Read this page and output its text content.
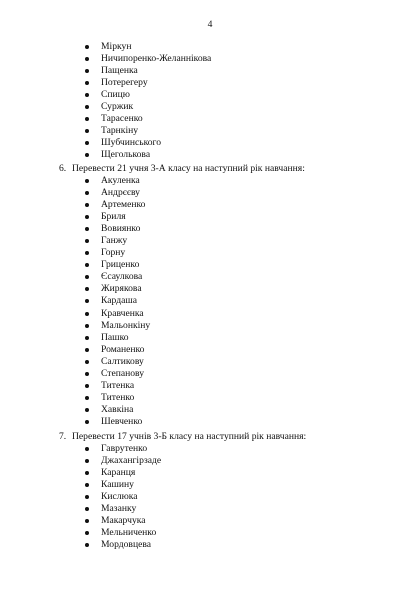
4
Міркун
Ничипоренко-Желаннікова
Пащенка
Потерегеру
Спицю
Суржик
Тарасенко
Тарнкіну
Шубчинського
Щеголькова
6. Перевести 21 учня 3-А класу на наступний рік навчання:
Акуленка
Андрєєву
Артеменко
Бриля
Вовиянко
Ганжу
Горну
Гриценко
Єсаулкова
Жирякова
Кардаша
Кравченка
Мальонкіну
Пашко
Романенко
Салтикову
Степанову
Титенка
Титенко
Хавкіна
Шевченко
7. Перевести 17 учнів 3-Б класу на наступний рік навчання:
Гаврутенко
Джахангірзаде
Каранця
Кашину
Кислюка
Мазанку
Макарчука
Мельниченко
Мордовцева
